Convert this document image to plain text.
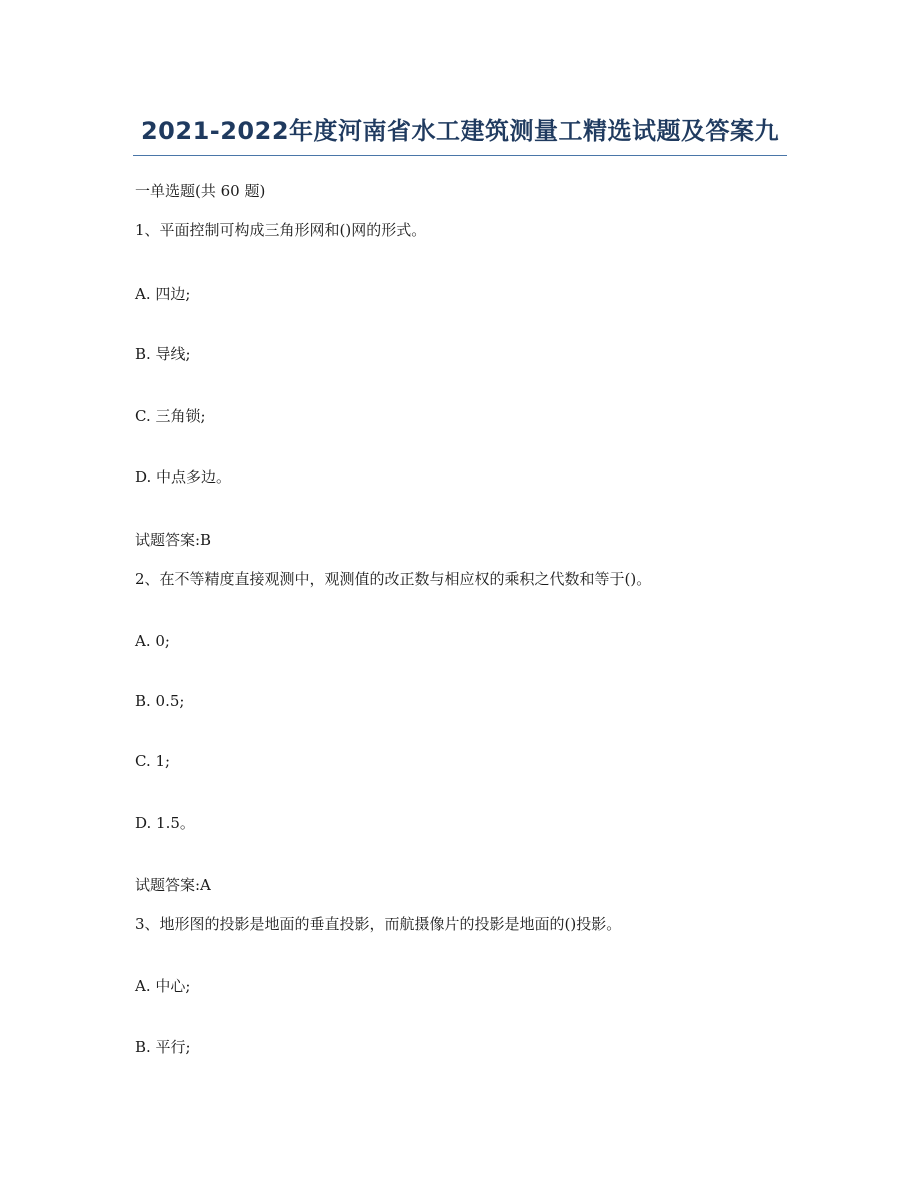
2021-2022年度河南省水工建筑测量工精选试题及答案九
一单选题(共 60 题)
1、平面控制可构成三角形网和()网的形式。
A. 四边;
B. 导线;
C. 三角锁;
D. 中点多边。
试题答案:B
2、在不等精度直接观测中，观测值的改正数与相应权的乘积之代数和等于()。
A. 0;
B. 0.5;
C. 1;
D. 1.5。
试题答案:A
3、地形图的投影是地面的垂直投影，而航摄像片的投影是地面的()投影。
A. 中心;
B. 平行;
